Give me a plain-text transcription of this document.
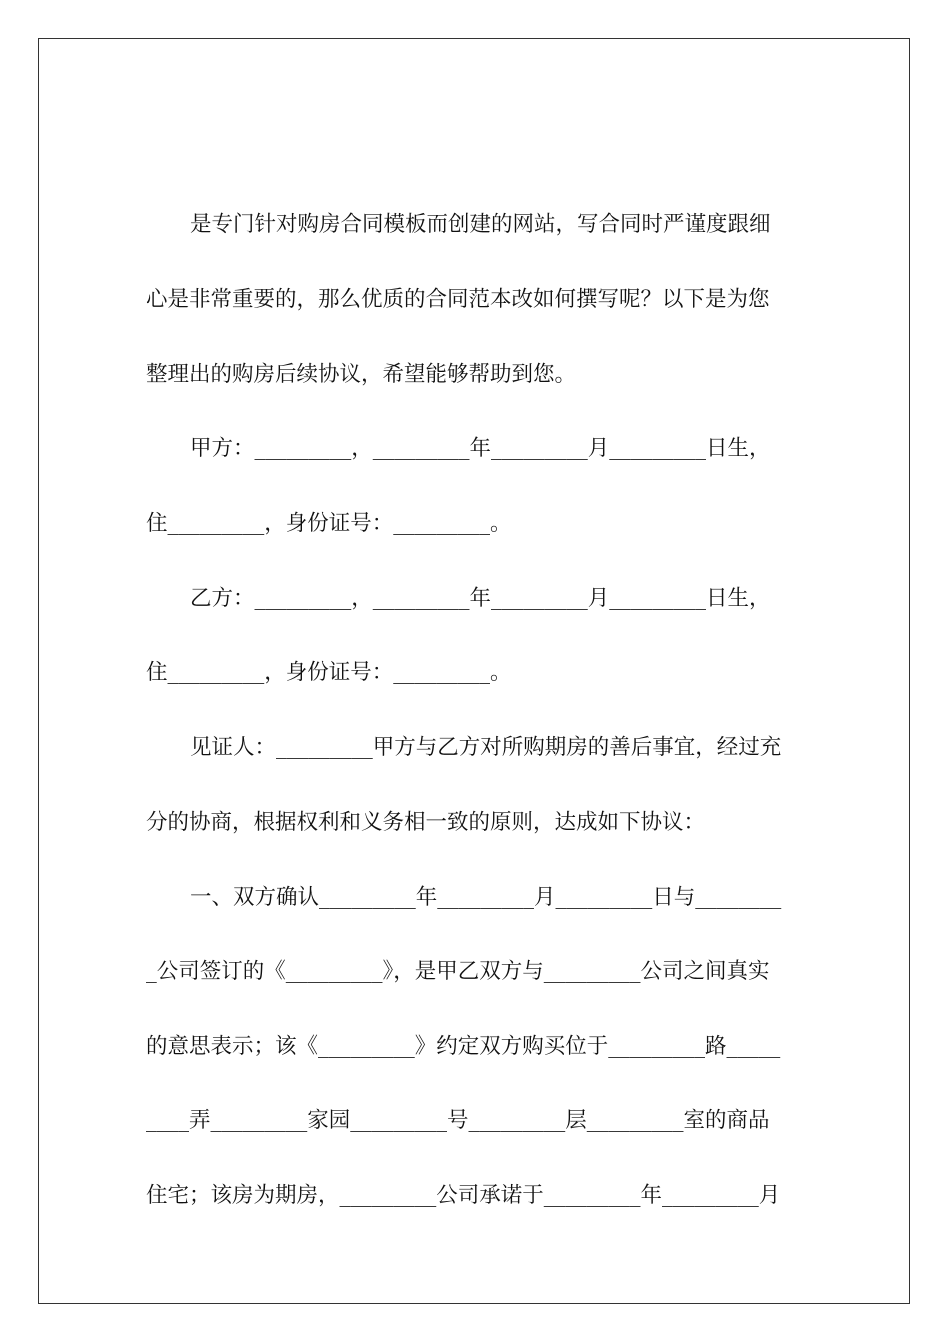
是专门针对购房合同模板而创建的网站，写合同时严谨度跟细
心是非常重要的，那么优质的合同范本改如何撰写呢？以下是为您
整理出的购房后续协议，希望能够帮助到您。
甲方：_________，_________年_________月_________日生，
住_________，身份证号：_________。
乙方：_________，_________年_________月_________日生，
住_________，身份证号：_________。
见证人：_________甲方与乙方对所购期房的善后事宜，经过充
分的协商，根据权利和义务相一致的原则，达成如下协议：
一、双方确认_________年_________月_________日与________
_公司签订的《_________》，是甲乙双方与_________公司之间真实
的意思表示；该《_________》约定双方购买位于_________路_____
____弄_________家园_________号_________层_________室的商品
住宅；该房为期房，_________公司承诺于_________年_________月
